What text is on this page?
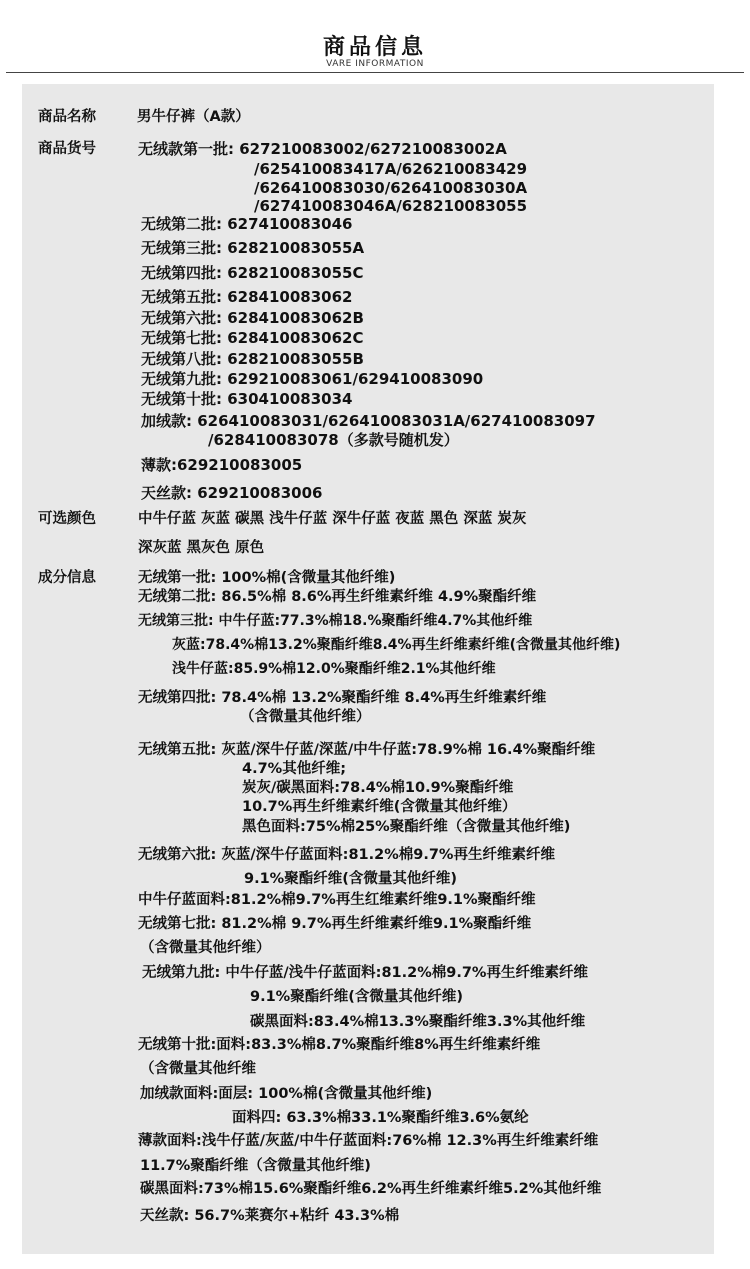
商品信息
VARE INFORMATION
商品名称	男牛仔裤（A款）
商品货号	无绒款第一批: 627210083002/627210083002A
/625410083417A/626210083429
/626410083030/626410083030A
/627410083046A/628210083055
无绒第二批: 627410083046
无绒第三批: 628210083055A
无绒第四批: 628210083055C
无绒第五批: 628410083062
无绒第六批: 628410083062B
无绒第七批: 628410083062C
无绒第八批: 628210083055B
无绒第九批: 629210083061/629410083090
无绒第十批: 630410083034
加绒款: 626410083031/626410083031A/627410083097
/628410083078（多款号随机发）
薄款:629210083005
天丝款: 629210083006
可选颜色	中牛仔蓝 灰蓝 碳黑 浅牛仔蓝 深牛仔蓝 夜蓝 黑色 深蓝 炭灰
深灰蓝 黑灰色 原色
成分信息	无绒第一批: 100%棉(含微量其他纤维)
无绒第二批: 86.5%棉 8.6%再生纤维素纤维 4.9%聚酯纤维
无绒第三批: 中牛仔蓝:77.3%棉18.%聚酯纤维4.7%其他纤维
灰蓝:78.4%棉13.2%聚酯纤维8.4%再生纤维素纤维(含微量其他纤维)
浅牛仔蓝:85.9%棉12.0%聚酯纤维2.1%其他纤维
无绒第四批: 78.4%棉 13.2%聚酯纤维 8.4%再生纤维素纤维
（含微量其他纤维）
无绒第五批: 灰蓝/深牛仔蓝/深蓝/中牛仔蓝:78.9%棉 16.4%聚酯纤维
4.7%其他纤维;
炭灰/碳黑面料:78.4%棉10.9%聚酯纤维
10.7%再生纤维素纤维(含微量其他纤维）
黑色面料:75%棉25%聚酯纤维（含微量其他纤维)
无绒第六批: 灰蓝/深牛仔蓝面料:81.2%棉9.7%再生纤维素纤维
9.1%聚酯纤维(含微量其他纤维)
中牛仔蓝面料:81.2%棉9.7%再生红维素纤维9.1%聚酯纤维
无绒第七批: 81.2%棉 9.7%再生纤维素纤维9.1%聚酯纤维
（含微量其他纤维）
无绒第九批: 中牛仔蓝/浅牛仔蓝面料:81.2%棉9.7%再生纤维素纤维
9.1%聚酯纤维(含微量其他纤维)
碳黑面料:83.4%棉13.3%聚酯纤维3.3%其他纤维
无绒第十批:面料:83.3%棉8.7%聚酯纤维8%再生纤维素纤维
（含微量其他纤维
加绒款面料:面层: 100%棉(含微量其他纤维)
面料四: 63.3%棉33.1%聚酯纤维3.6%氨纶
薄款面料:浅牛仔蓝/灰蓝/中牛仔蓝面料:76%棉 12.3%再生纤维素纤维
11.7%聚酯纤维（含微量其他纤维)
碳黑面料:73%棉15.6%聚酯纤维6.2%再生纤维素纤维5.2%其他纤维
天丝款: 56.7%莱赛尔+粘纤 43.3%棉
